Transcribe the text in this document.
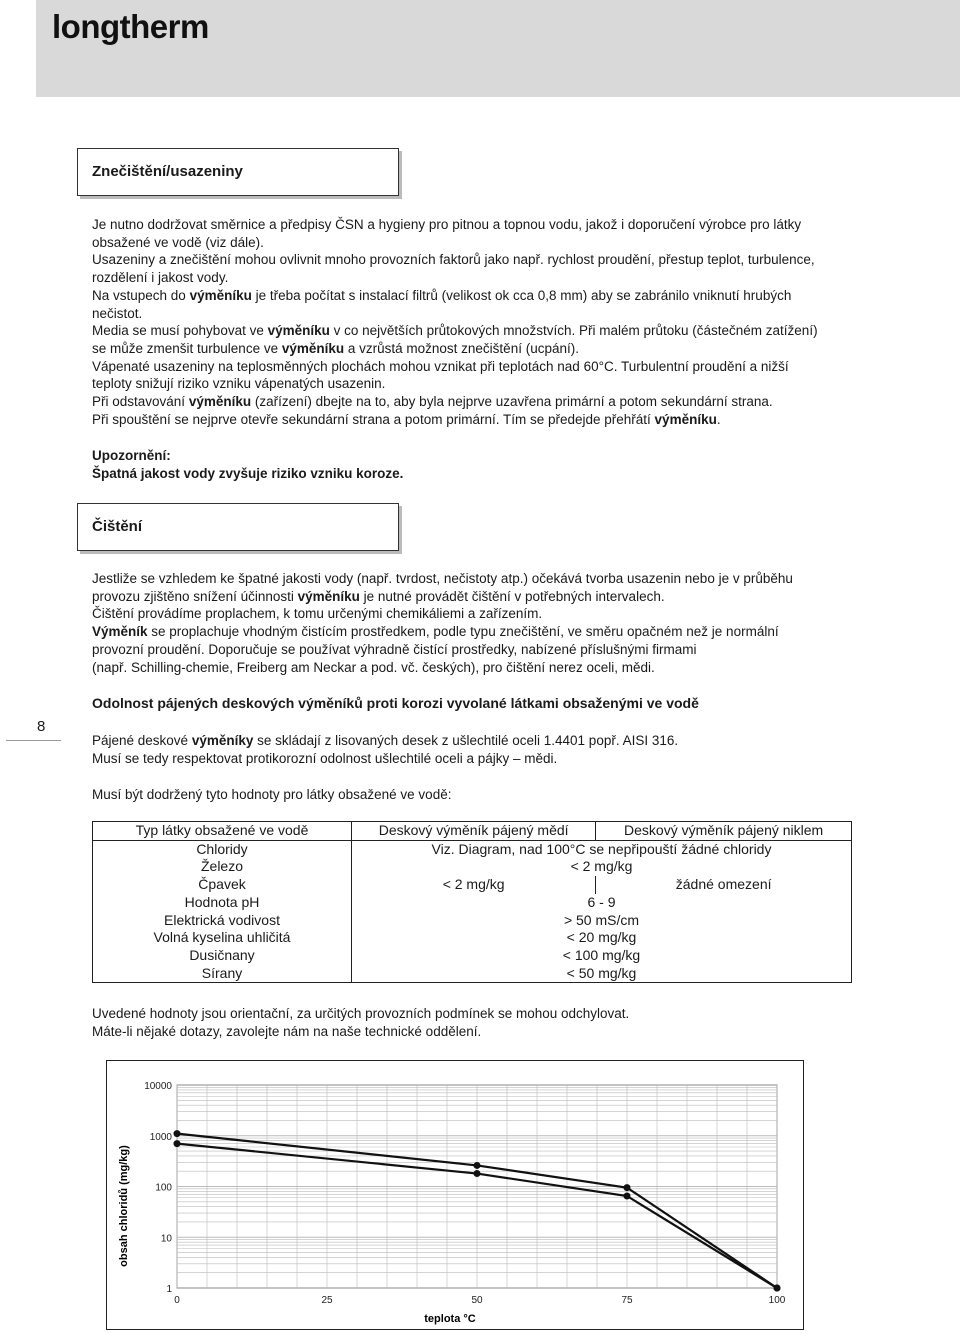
longtherm
Znečištění/usazeniny

Je nutno dodržovat směrnice a předpisy ČSN a hygieny pro pitnou a topnou vodu, jakož i doporučení výrobce pro látky

obsažené ve vodě (viz dále).

Usazeniny a znečištění mohou ovlivnit mnoho provozních faktorů jako např. rychlost proudění, přestup teplot, turbulence,

rozdělení i jakost vody.

Na vstupech do výměníku je třeba počítat s instalací filtrů (velikost ok cca 0,8 mm) aby se zabránilo vniknutí hrubých

nečistot.

Media se musí pohybovat ve výměníku v co největších průtokových množstvích. Při malém průtoku (částečném zatížení)

se může zmenšit turbulence ve výměníku a vzrůstá možnost znečištění (ucpání).

Vápenaté usazeniny na teplosměnných plochách mohou vznikat při teplotách nad 60°C. Turbulentní proudění a nižší

teploty snižují riziko vzniku vápenatých usazenin.

Při odstavování výměníku (zařízení) dbejte na to, aby byla nejprve uzavřena primární a potom sekundární strana.

Při spouštění se nejprve otevře sekundární strana a potom primární. Tím se předejde přehřátí výměníku.

Upozornění:

Špatná jakost vody zvyšuje riziko vzniku koroze.

Čištění

Jestliže se vzhledem ke špatné jakosti vody (např. tvrdost, nečistoty atp.) očekává tvorba usazenin nebo je v průběhu

provozu zjištěno snížení účinnosti výměníku je nutné provádět čištění v potřebných intervalech.

Čištění provádíme proplachem, k tomu určenými chemikáliemi a zařízením.

Výměník se proplachuje vhodným čistícím prostředkem, podle typu znečištění, ve směru opačném než je normální

provozní proudění. Doporučuje se používat výhradně čistící prostředky, nabízené příslušnými firmami

(např. Schilling-chemie, Freiberg am Neckar a pod. vč. českých), pro čištění nerez oceli, mědi.

8
Odolnost pájených deskových výměníků proti korozi vyvolané látkami obsaženými ve vodě

Pájené deskové výměníky se skládají z lisovaných desek z ušlechtilé oceli 1.4401 popř. AISI 316.

Musí se tedy respektovat protikorozní odolnost ušlechtilé oceli a pájky – mědi.

Musí být dodržený tyto hodnoty pro látky obsažené ve vodě:
Typ látky obsažené ve vodě	Deskový výměník pájený mědí	Deskový výměník pájený niklem
Chloridy	Viz. Diagram, nad 100°C se nepřipouští žádné chloridy	
Železo	< 2 mg/kg	
Čpavek	< 2 mg/kg	žádné omezení
Hodnota pH	6 - 9	
Elektrická vodivost	> 50 mS/cm	
Volná kyselina uhličitá	< 20 mg/kg	
Dusičnany	< 100 mg/kg	
Sírany	< 50 mg/kg	

Uvedené hodnoty jsou orientační, za určitých provozních podmínek se mohou odchylovat.

Máte-li nějaké dotazy, zavolejte nám na naše technické oddělení.

1
10
100
1000
10000
0	25	50	75	100
obsah chloridů (mg/kg)
teplota °C
